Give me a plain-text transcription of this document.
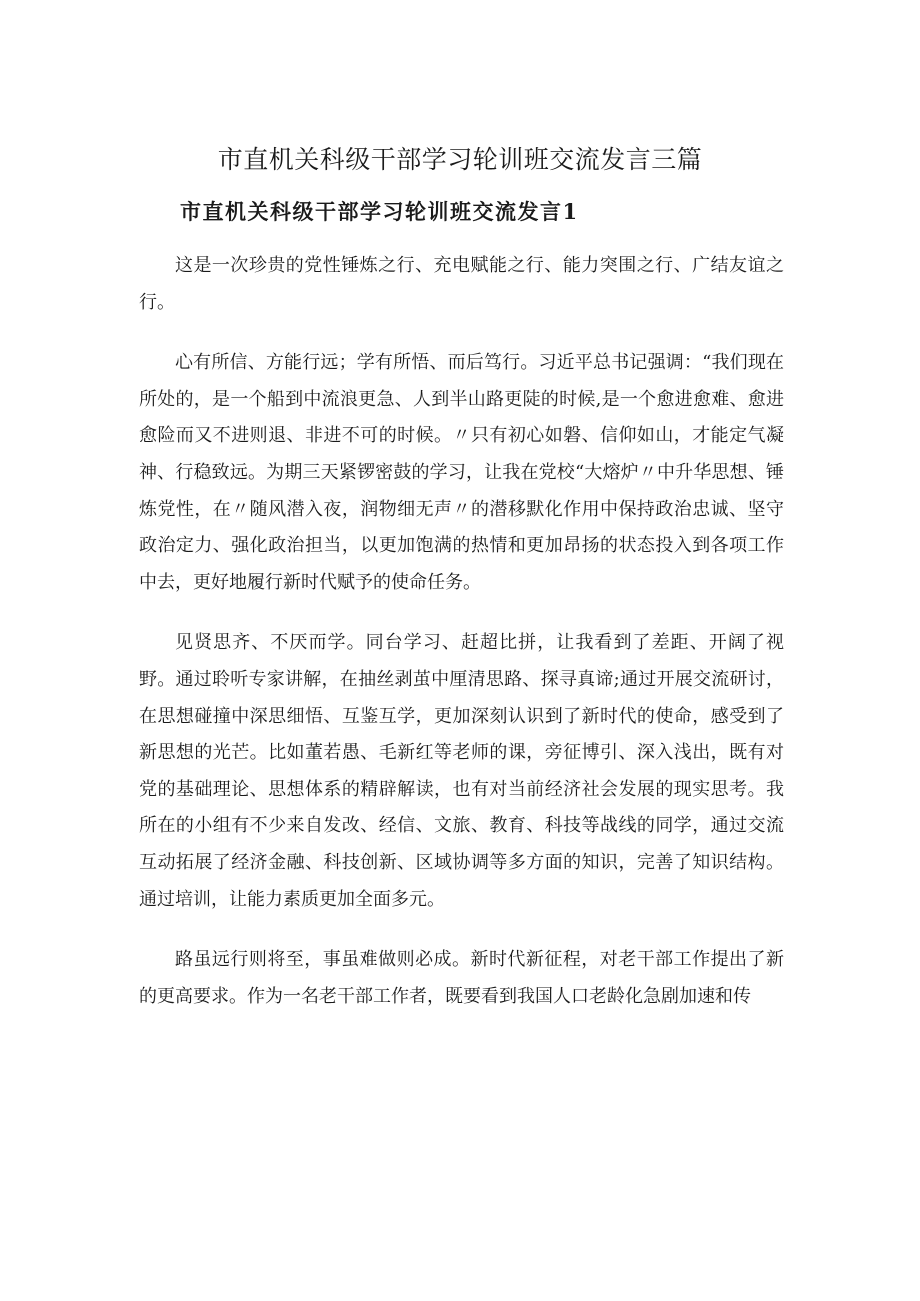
市直机关科级干部学习轮训班交流发言三篇
市直机关科级干部学习轮训班交流发言1

这是一次珍贵的党性锤炼之行、充电赋能之行、能力突围之行、广结友谊之行。

心有所信、方能行远；学有所悟、而后笃行。习近平总书记强调：“我们现在所处的，是一个船到中流浪更急、人到半山路更陡的时候,是一个愈进愈难、愈进愈险而又不进则退、非进不可的时候。〃只有初心如磐、信仰如山，才能定气凝神、行稳致远。为期三天紧锣密鼓的学习，让我在党校“大熔炉〃中升华思想、锤炼党性，在〃随风潜入夜，润物细无声〃的潜移默化作用中保持政治忠诚、坚守政治定力、强化政治担当，以更加饱满的热情和更加昂扬的状态投入到各项工作中去，更好地履行新时代赋予的使命任务。

见贤思齐、不厌而学。同台学习、赶超比拼，让我看到了差距、开阔了视野。通过聆听专家讲解，在抽丝剥茧中厘清思路、探寻真谛;通过开展交流研讨，在思想碰撞中深思细悟、互鉴互学，更加深刻认识到了新时代的使命，感受到了新思想的光芒。比如董若愚、毛新红等老师的课，旁征博引、深入浅出，既有对党的基础理论、思想体系的精辟解读，也有对当前经济社会发展的现实思考。我所在的小组有不少来自发改、经信、文旅、教育、科技等战线的同学，通过交流互动拓展了经济金融、科技创新、区域协调等多方面的知识，完善了知识结构。通过培训，让能力素质更加全面多元。

路虽远行则将至，事虽难做则必成。新时代新征程，对老干部工作提出了新的更高要求。作为一名老干部工作者，既要看到我国人口老龄化急剧加速和传
